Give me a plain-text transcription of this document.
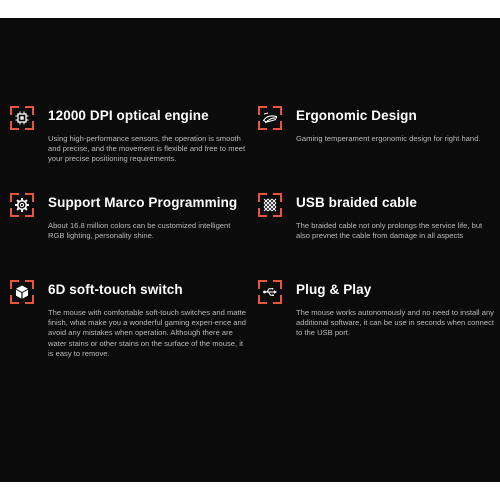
12000 DPI optical engine
Using high-performance sensors, the operation is smooth and precise, and the movement is flexible and free to meet your precise positioning requirements.
Ergonomic Design
Gaming temperament ergonomic design for right hand.
Support Marco Programming
About 16.8 million colors can be customized intelligent RGB lighting, personality shine.
USB braided cable
The braided cable not only prolongs the service life, but also prevnet the cable from damage in all aspects
6D soft-touch switch
The mouse with comfortable soft-touch switches and matte finish, what make you a wonderful gaming experi-ence and avoid any mistakes when operation. Although there are water stains or other stains on the surface of the mouse, it is easy to remove.
Plug & Play
The mouse works autonomously and no need to install any additional software, it can be use in seconds when connect to the USB port.
